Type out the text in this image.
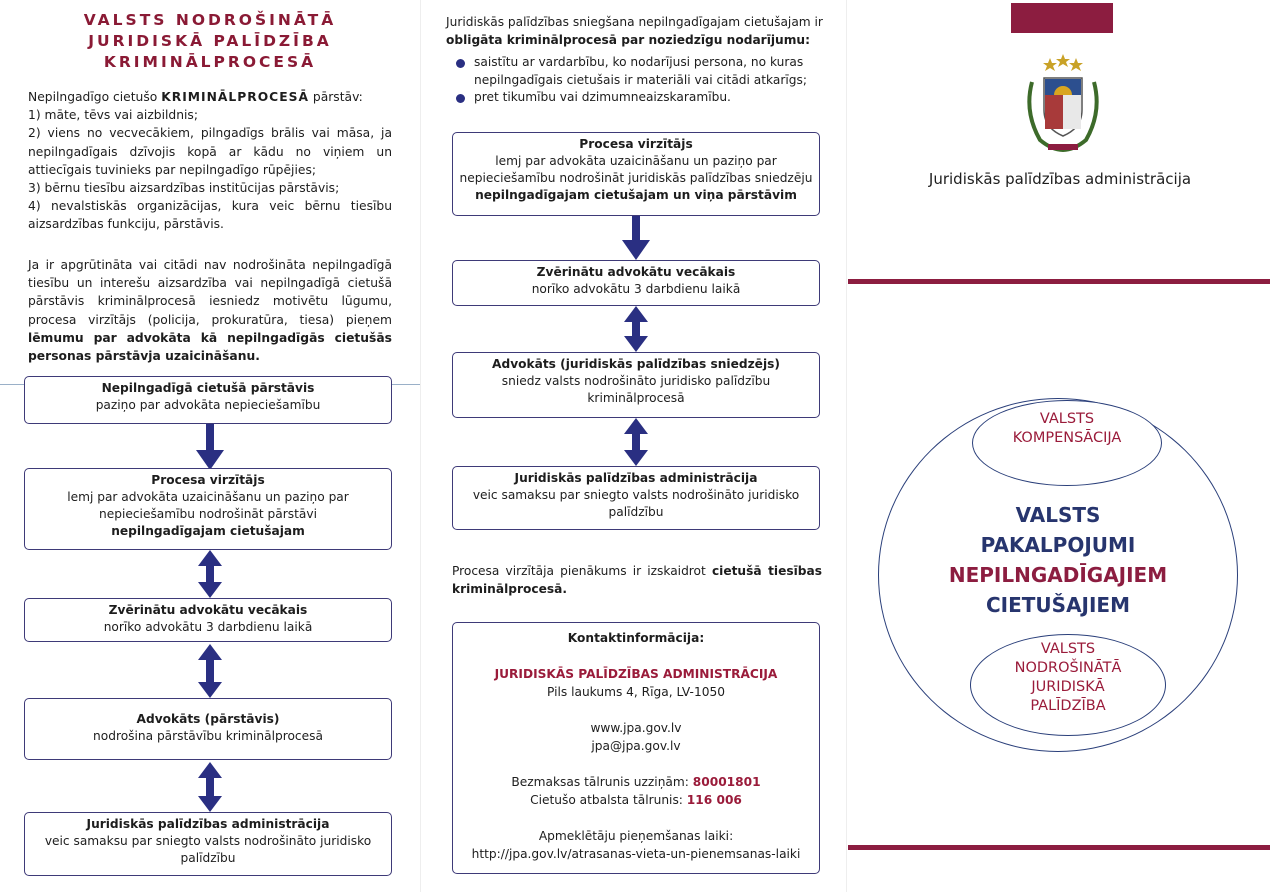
VALSTS NODROŠINĀTĀ
JURIDISKĀ PALĪDZĪBA
KRIMINĀLPROCESĀ

Nepilngadīgo cietušo KRIMINĀLPROCESĀ pārstāv:

1) māte, tēvs vai aizbildnis;

2) viens no vecvecākiem, pilngadīgs brālis vai māsa, ja nepilngadīgais dzīvojis kopā ar kādu no viņiem un attiecīgais tuvinieks par nepilngadīgo rūpējies;

3) bērnu tiesību aizsardzības institūcijas pārstāvis;

4) nevalstiskās organizācijas, kura veic bērnu tiesību aizsardzības funkciju, pārstāvis.

Ja ir apgrūtināta vai citādi nav nodrošināta nepilngadīgā tiesību un interešu aizsardzība vai nepilngadīgā cietušā pārstāvis kriminālprocesā iesniedz motivētu lūgumu, procesa virzītājs (policija, prokuratūra, tiesa) pieņem lēmumu par advokāta kā nepilngadīgās cietušās personas pārstāvja uzaicināšanu.
Nepilngadīgā cietušā pārstāvis
paziņo par advokāta nepieciešamību
Procesa virzītājs
lemj par advokāta uzaicināšanu un paziņo par nepieciešamību nodrošināt pārstāvi
nepilngadīgajam cietušajam
Zvērinātu advokātu vecākais
norīko advokātu 3 darbdienu laikā
Advokāts (pārstāvis)
nodrošina pārstāvību kriminālprocesā
Juridiskās palīdzības administrācija
veic samaksu par sniegto valsts nodrošināto juridisko palīdzību
Juridiskās palīdzības sniegšana nepilngadīgajam cietušajam ir obligāta kriminālprocesā par noziedzīgu nodarījumu:
saistītu ar vardarbību, ko nodarījusi persona, no kuras nepilngadīgais cietušais ir materiāli vai citādi atkarīgs;
pret tikumību vai dzimumneaizskaramību.
Procesa virzītājs
lemj par advokāta uzaicināšanu un paziņo par nepieciešamību nodrošināt juridiskās palīdzības sniedzēju
nepilngadīgajam cietušajam un viņa pārstāvim
Zvērinātu advokātu vecākais
norīko advokātu 3 darbdienu laikā
Advokāts (juridiskās palīdzības sniedzējs)
sniedz valsts nodrošināto juridisko palīdzību kriminālprocesā
Juridiskās palīdzības administrācija
veic samaksu par sniegto valsts nodrošināto juridisko palīdzību
Procesa virzītāja pienākums ir izskaidrot cietušā tiesības kriminālprocesā.
Kontaktinformācija:
JURIDISKĀS PALĪDZĪBAS ADMINISTRĀCIJA
Pils laukums 4, Rīga, LV-1050
www.jpa.gov.lv
jpa@jpa.gov.lv
Bezmaksas tālrunis uzziņām: 80001801
Cietušo atbalsta tālrunis: 116 006
Apmeklētāju pieņemšanas laiki:
http://jpa.gov.lv/atrasanas-vieta-un-pienemsanas-laiki
Juridiskās palīdzības administrācija
VALSTS
KOMPENSĀCIJA
VALSTS
PAKALPOJUMI
NEPILNGADĪGAJIEM
CIETUŠAJIEM
VALSTS
NODROŠINĀTĀ
JURIDISKĀ
PALĪDZĪBA
